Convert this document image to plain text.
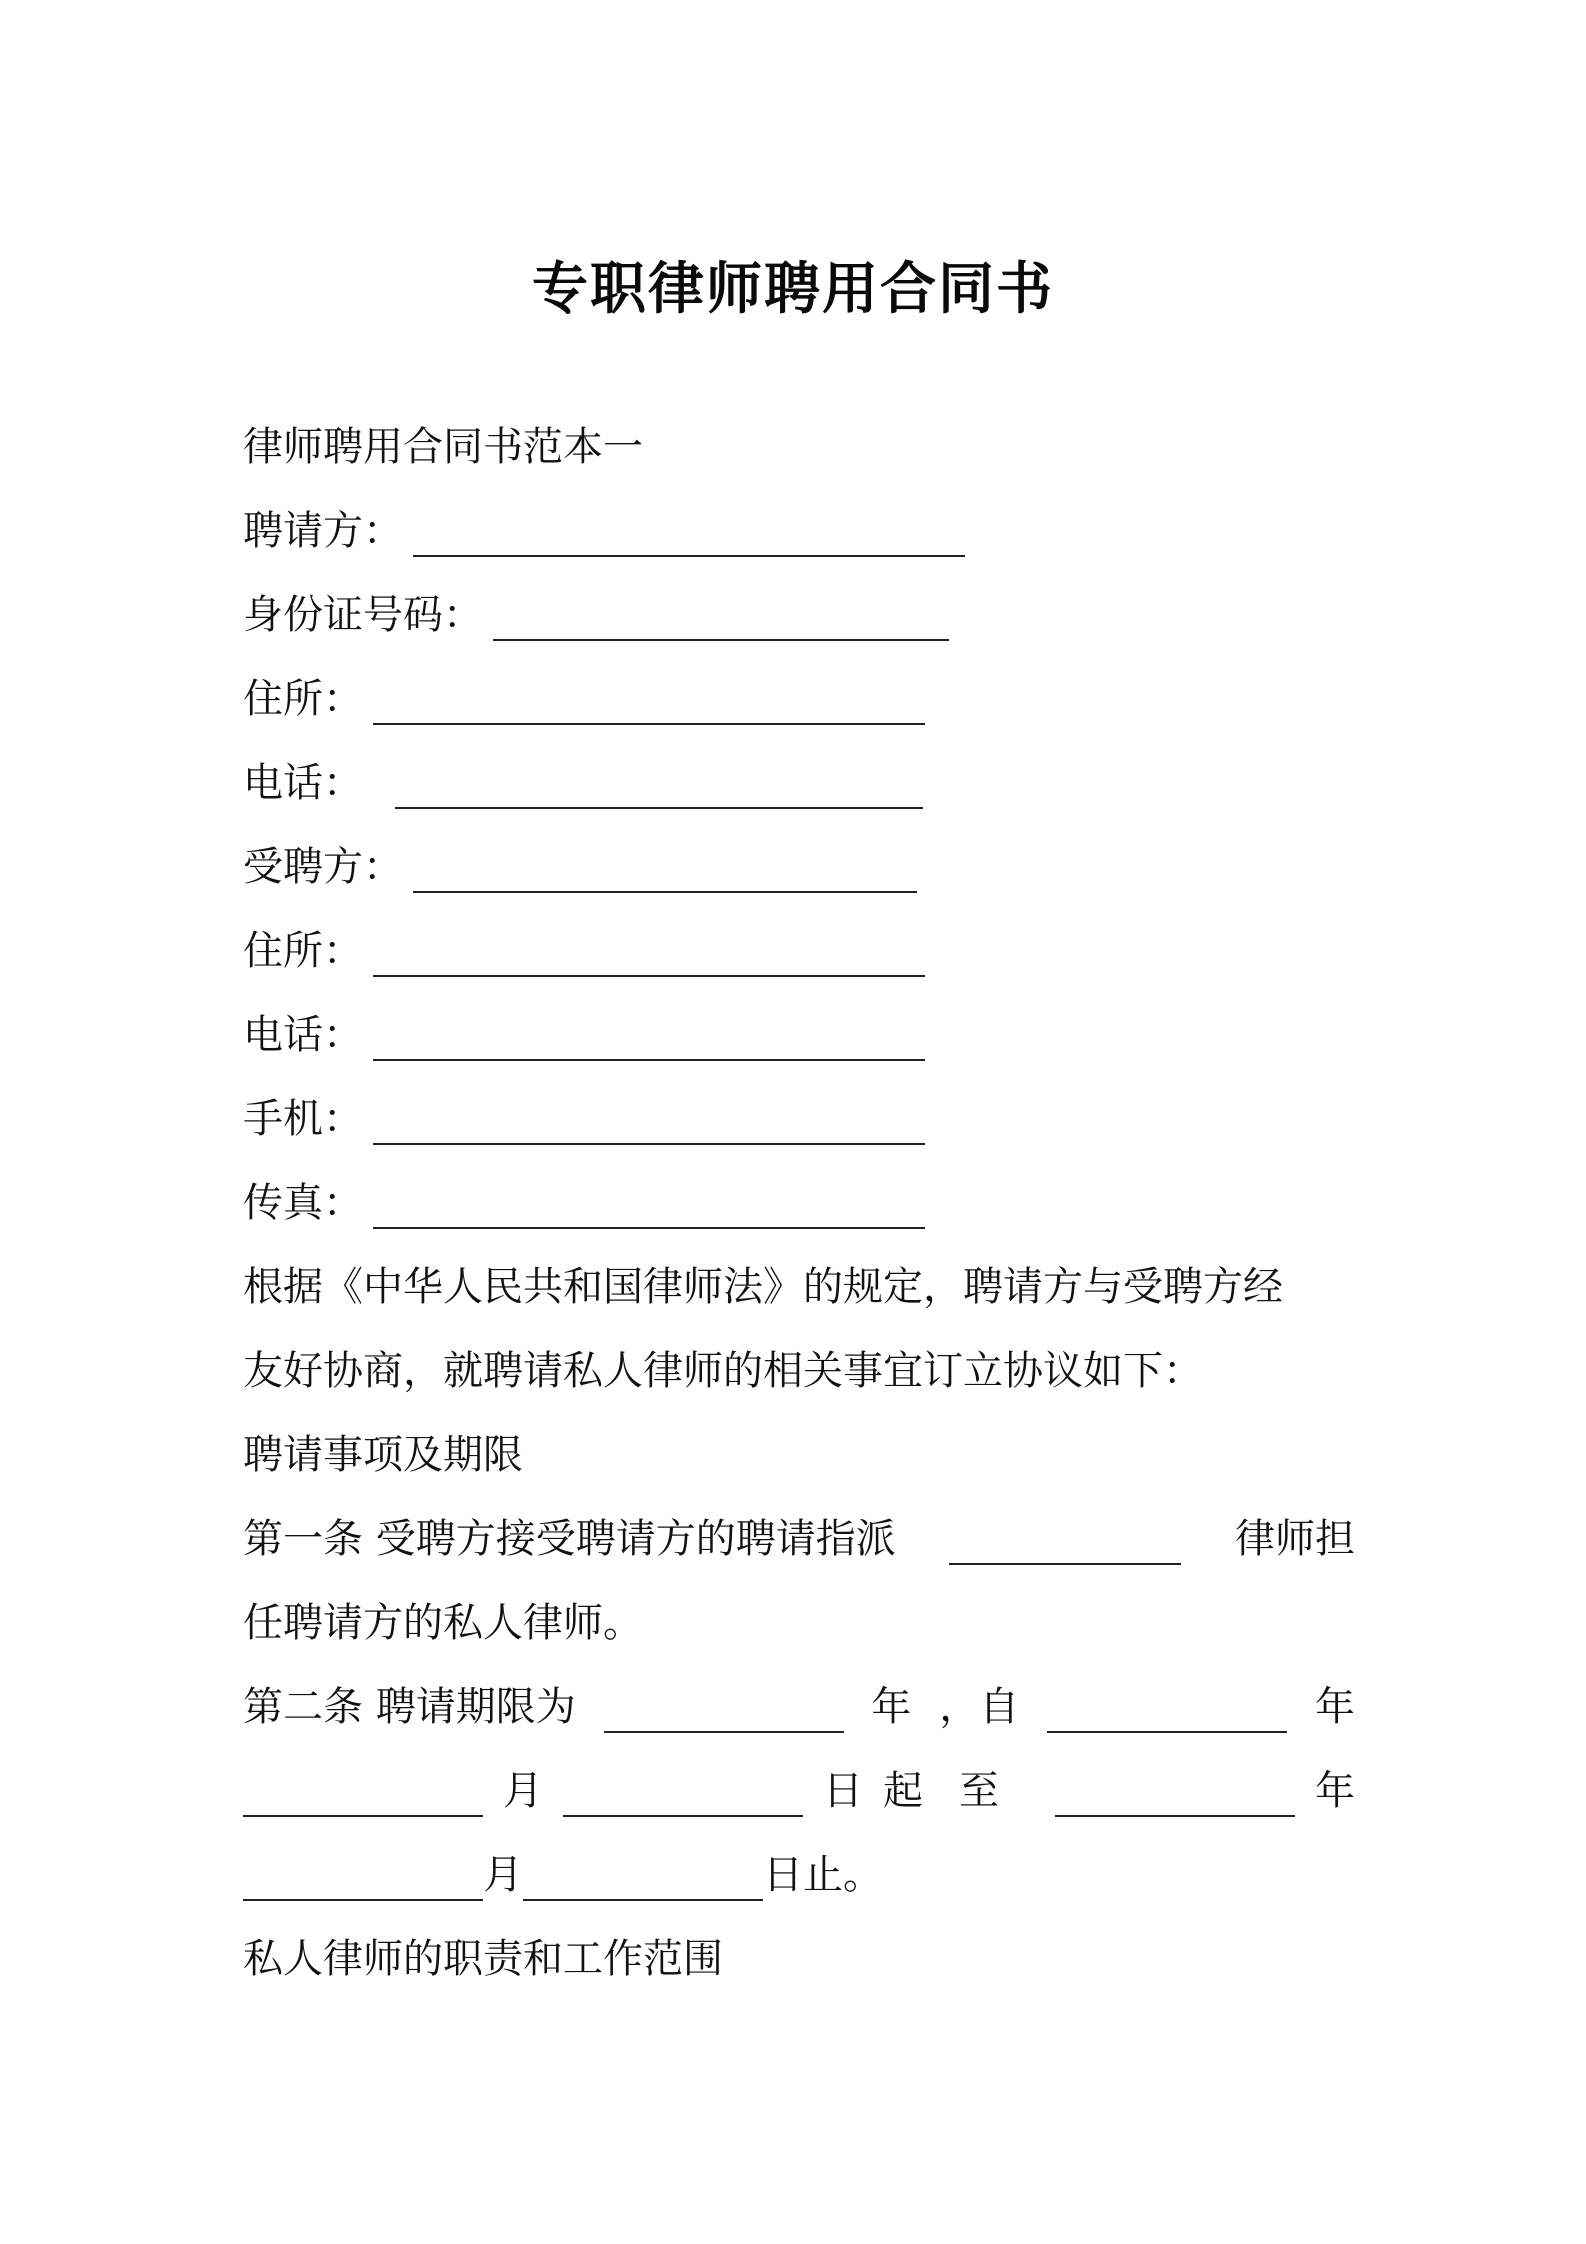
专职律师聘用合同书
律师聘用合同书范本一
聘请方：
身份证号码：
住所：
电话：
受聘方：
住所：
电话：
手机：
传真：
根据《中华人民共和国律师法》的规定，聘请方与受聘方经
友好协商，就聘请私人律师的相关事宜订立协议如下：
聘请事项及期限
第一条 受聘方接受聘请方的聘请指派	律师担
任聘请方的私人律师。
第二条 聘请期限为	年 ，自	年
月	日 起至	年
月	日止。
私人律师的职责和工作范围
